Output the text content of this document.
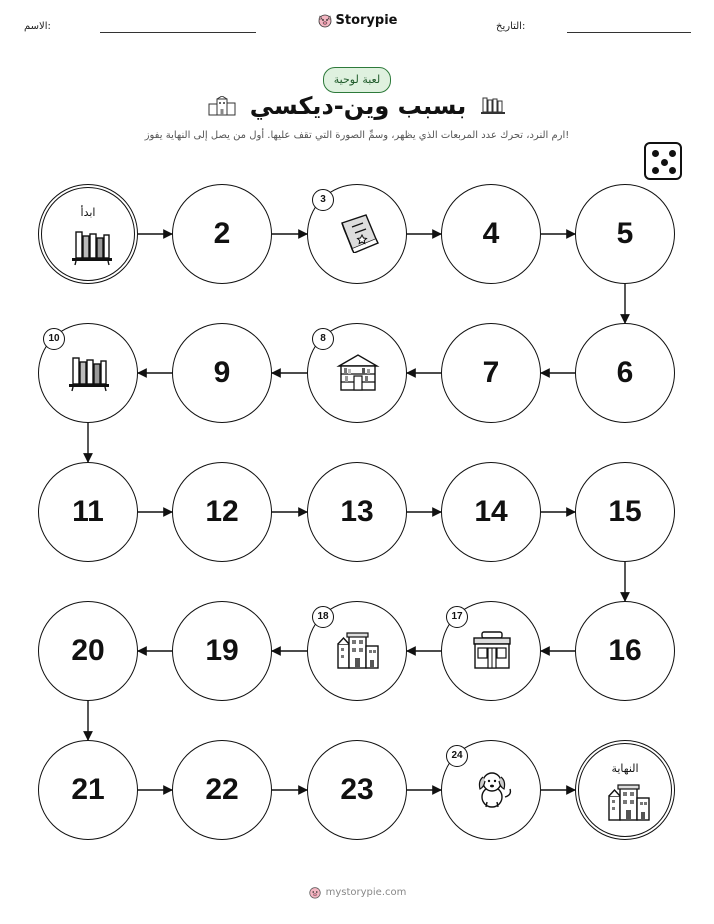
الاسم:	Storypie	التاريخ:
لعبة لوحية
بسبب وين-ديكسي
ارم النرد، تحرك عدد المربعات الذي يظهر، وسمِّ الصورة التي تقف عليها. أول من يصل إلى النهاية يفوز!
ابدأ
2
3
4	5
6
7
8
9
10
11	12	13	14	15
16
17
18
19
20
21	22	23
24
النهاية
mystorypie.com
